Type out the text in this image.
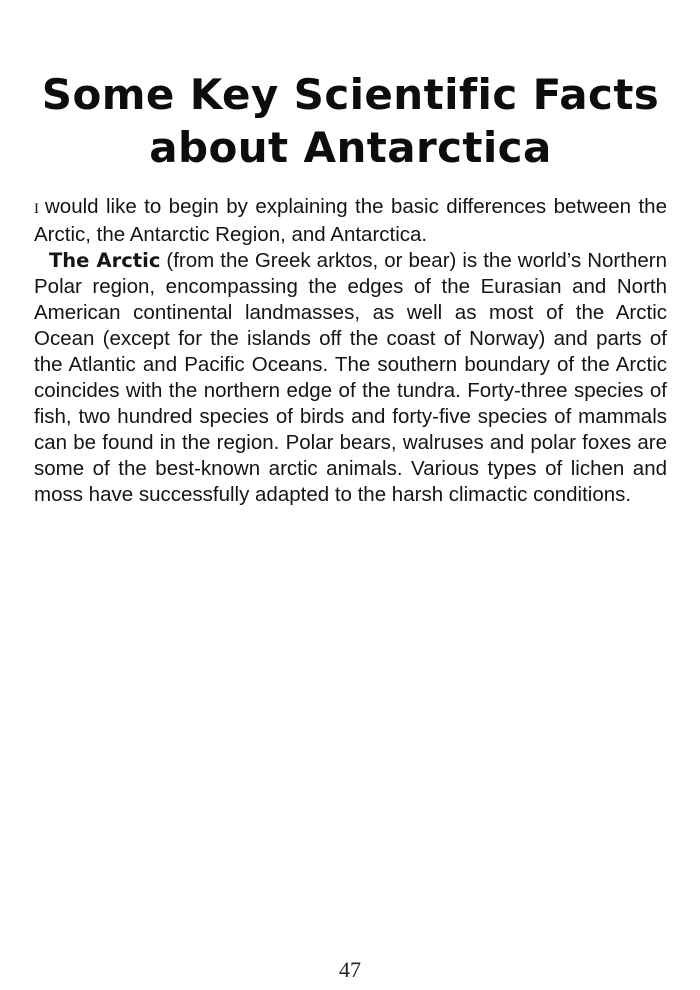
Some Key Scientific Facts
about Antarctica

I would like to begin by explaining the basic differences between the Arctic, the Antarctic Region, and Antarctica.

The Arctic (from the Greek arktos, or bear) is the world’s Northern Polar region, encompassing the edges of the Eurasian and North American continental landmasses, as well as most of the Arctic Ocean (except for the islands off the coast of Norway) and parts of the Atlantic and Pacific Oceans. The southern boundary of the Arctic coincides with the northern edge of the tundra. Forty-three species of fish, two hundred species of birds and forty-five species of mammals can be found in the region. Polar bears, walruses and polar foxes are some of the best-known arctic animals. Various types of lichen and moss have successfully adapted to the harsh climactic conditions.

47
